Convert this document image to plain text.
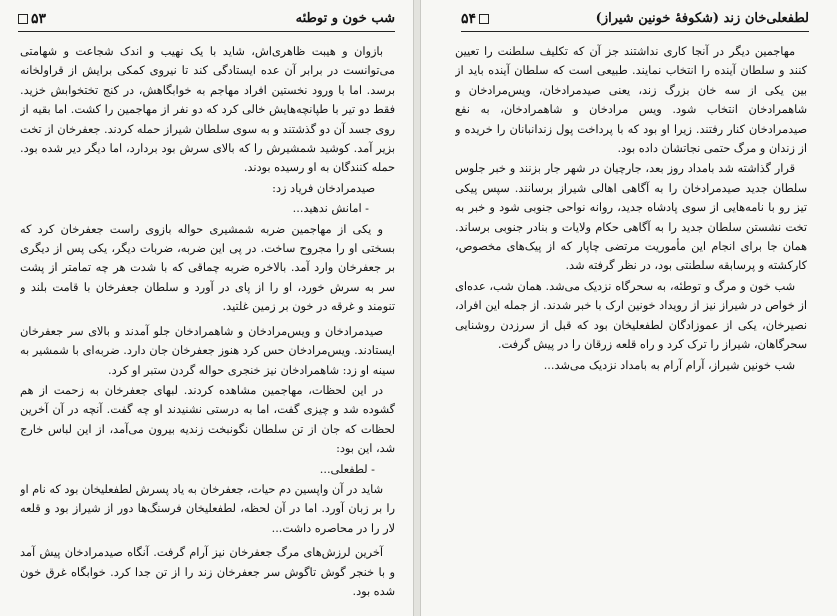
شب خون و توطئه
۵۳

بازوان و هیبت ظاهری‌اش، شاید با یک نهیب و اندک شجاعت و شهامتی می‌توانست در برابر آن عده ایستادگی کند تا نیروی کمکی برایش از قراولخانه برسد. اما با ورود نخستین افراد مهاجم به خوابگاهش، در کنج تختخوابش خزید. فقط دو تیر با طپانچه‌هایش خالی کرد که دو نفر از مهاجمین را کشت. اما بقیه از روی جسد آن دو گذشتند و به سوی سلطان شیراز حمله کردند. جعفرخان از تخت بزیر آمد. کوشید شمشیرش را که بالای سرش بود بردارد، اما دیگر دیر شده بود. حمله کنندگان به او رسیده بودند.

صیدمرادخان فریاد زد:

- امانش ندهید...

و یکی از مهاجمین ضربه شمشیری حواله بازوی راست جعفرخان کرد که بسختی او را مجروح ساخت. در پی این ضربه، ضربات دیگر، یکی پس از دیگری بر جعفرخان وارد آمد. بالاخره ضربه چماقی که با شدت هر چه تمامتر از پشت سر به سرش خورد، او را از پای در آورد و سلطان جعفرخان با قامت بلند و تنومند و غرقه در خون بر زمین غلتید.

صیدمرادخان و ویس‌مرادخان و شاهمرادخان جلو آمدند و بالای سر جعفرخان ایستادند. ویس‌مرادخان حس کرد هنوز جعفرخان جان دارد. ضربه‌ای با شمشیر به سینه او زد: شاهمرادخان نیز خنجری حواله گردن ستبر او کرد.

در این لحظات، مهاجمین مشاهده کردند. لبهای جعفرخان به زحمت از هم گشوده شد و چیزی گفت، اما به درستی نشنیدند او چه گفت. آنچه در آن آخرین لحظات که جان از تن سلطان نگونبخت زندیه بیرون می‌آمد، از این لباس خارج شد، این بود:

- لطفعلی...

شاید در آن واپسین دم حیات، جعفرخان به یاد پسرش لطفعلیخان بود که نام او را بر زبان آورد. اما در آن لحظه، لطفعلیخان فرسنگ‌ها دور از شیراز بود و قلعه لار را در محاصره داشت...

آخرین لرزش‌های مرگ جعفرخان نیز آرام گرفت. آنگاه صیدمرادخان پیش آمد و با خنجر گوش تاگوش سر جعفرخان زند را از تن جدا کرد. خوابگاه غرق خون شده بود.

لطفعلی‌خان زند (شکوفهٔ خونین شیراز)
۵۴

مهاجمین دیگر در آنجا کاری نداشتند جز آن که تکلیف سلطنت را تعیین کنند و سلطان آینده را انتخاب نمایند. طبیعی است که سلطان آینده باید از بین یکی از سه خان بزرگ زند، یعنی صیدمرادخان، ویس‌مرادخان و شاهمرادخان انتخاب شود. ویس مرادخان و شاهمرادخان، به نفع صیدمرادخان کنار رفتند. زیرا او بود که با پرداخت پول زندانبانان را خریده و از زندان و مرگ حتمی نجاتشان داده بود.

قرار گذاشته شد بامداد روز بعد، جارچیان در شهر جار بزنند و خبر جلوس سلطان جدید صیدمرادخان را به آگاهی اهالی شیراز برسانند. سپس پیکی تیز رو با نامه‌هایی از سوی پادشاه جدید، روانه نواحی جنوبی شود و خبر به تخت نشستن سلطان جدید را به آگاهی حکام ولایات و بنادر جنوبی برساند. همان جا برای انجام این مأموریت مرتضی چاپار که از پیک‌های مخصوص، کارکشته و پرسابقه سلطنتی بود، در نظر گرفته شد.

شب خون و مرگ و توطئه، به سحرگاه نزدیک می‌شد. همان شب، عده‌ای از خواص در شیراز نیز از رویداد خونین ارک با خبر شدند. از جمله این افراد، نصیرخان، یکی از عموزادگان لطفعلیخان بود که قبل از سرزدن روشنایی سحرگاهان، شیراز را ترک کرد و راه قلعه زرقان را در پیش گرفت.

شب خونین شیراز، آرام آرام به بامداد نزدیک می‌شد...
